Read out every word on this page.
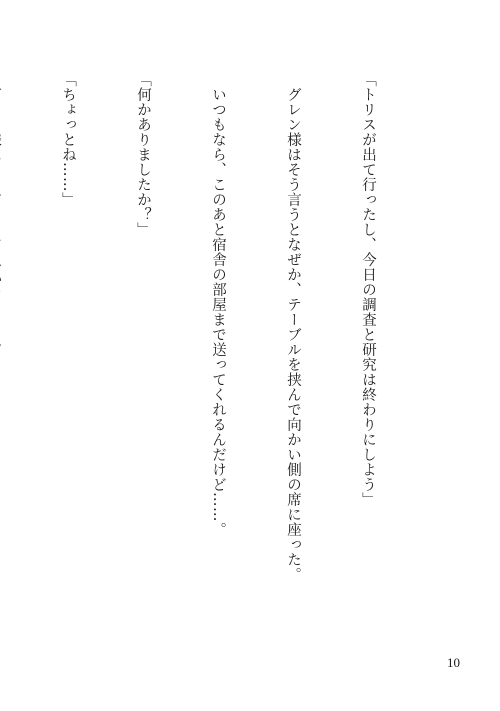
「トリスが出て行ったし、今日の調査と研究は終わりにしよう」

　グレン様はそう言うとなぜか、テーブルを挟んで向かい側の席に座った。

　いつもなら、このあと宿舎の部屋まで送ってくれるんだけど……。

「何かありましたか？」

「ちょっとね……」

10
